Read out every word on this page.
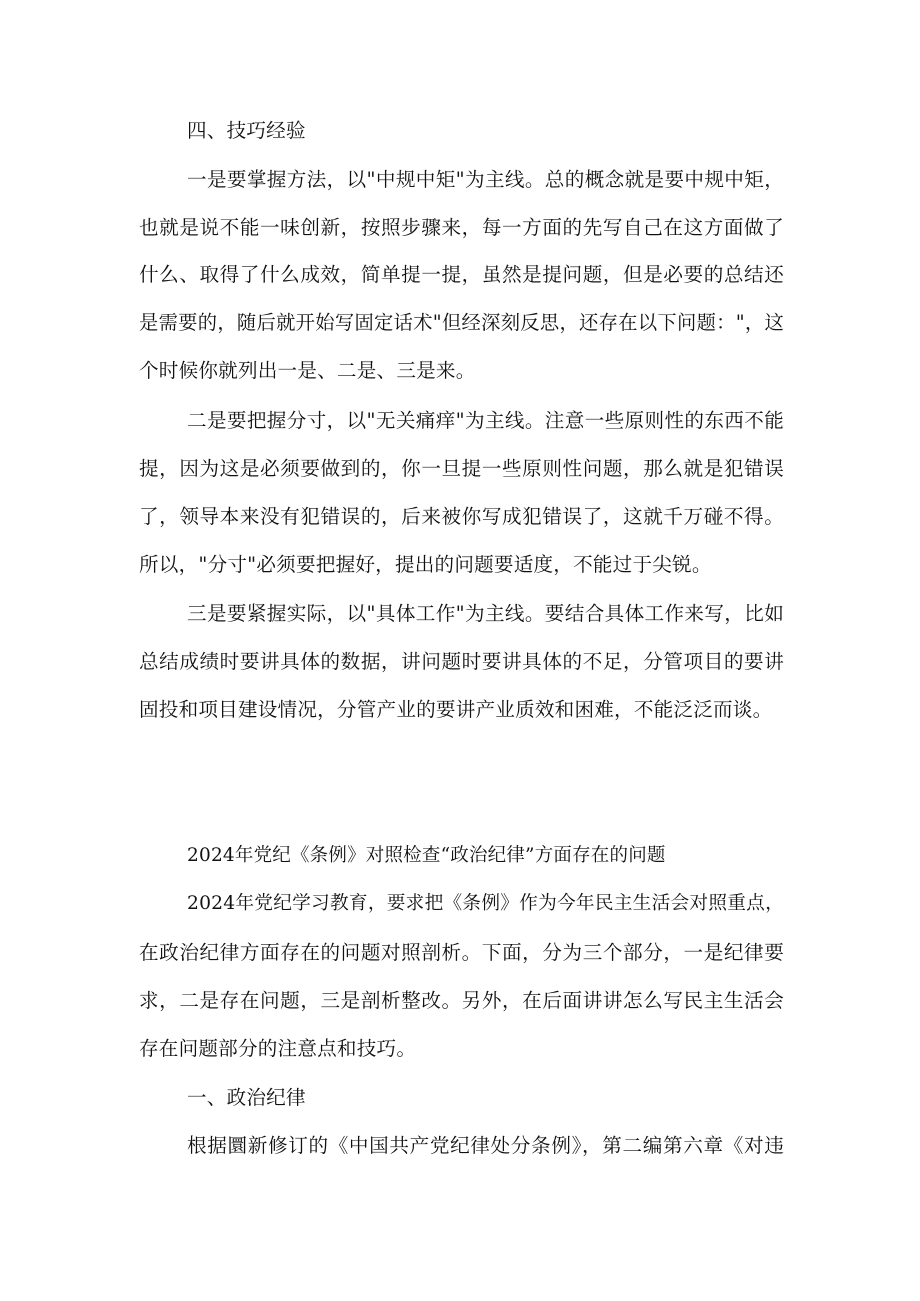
四、技巧经验
一是要掌握方法，以"中规中矩"为主线。总的概念就是要中规中矩，
也就是说不能一味创新，按照步骤来，每一方面的先写自己在这方面做了
什么、取得了什么成效，简单提一提，虽然是提问题，但是必要的总结还
是需要的，随后就开始写固定话术"但经深刻反思，还存在以下问题："，这
个时候你就列出一是、二是、三是来。
二是要把握分寸，以"无关痛痒"为主线。注意一些原则性的东西不能
提，因为这是必须要做到的，你一旦提一些原则性问题，那么就是犯错误
了，领导本来没有犯错误的，后来被你写成犯错误了，这就千万碰不得。
所以，"分寸"必须要把握好，提出的问题要适度，不能过于尖锐。
三是要紧握实际，以"具体工作"为主线。要结合具体工作来写，比如
总结成绩时要讲具体的数据，讲问题时要讲具体的不足，分管项目的要讲
固投和项目建设情况，分管产业的要讲产业质效和困难，不能泛泛而谈。
2024年党纪《条例》对照检查“政治纪律”方面存在的问题
2024年党纪学习教育，要求把《条例》作为今年民主生活会对照重点，
在政治纪律方面存在的问题对照剖析。下面，分为三个部分，一是纪律要
求，二是存在问题，三是剖析整改。另外，在后面讲讲怎么写民主生活会
存在问题部分的注意点和技巧。
一、政治纪律
根据圜新修订的《中国共产党纪律处分条例》，第二编第六章《对违
